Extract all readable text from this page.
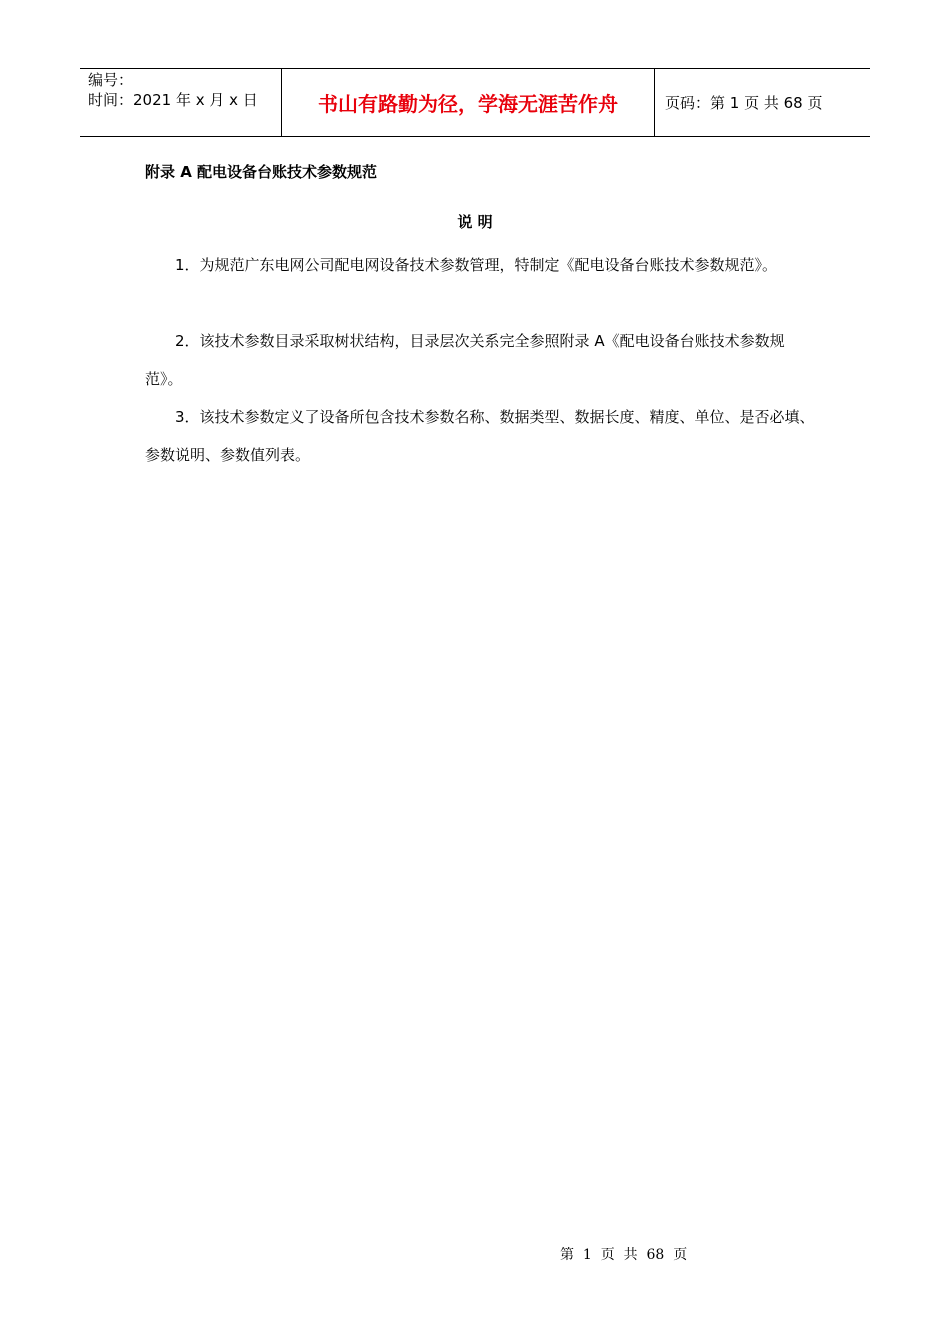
编号：
时间：2021 年 x 月 x 日	书山有路勤为径，学海无涯苦作舟	页码：第 1 页 共 68 页
附录 A 配电设备台账技术参数规范
说 明

1．为规范广东电网公司配电网设备技术参数管理，特制定《配电设备台账技术参数规范》。

2．该技术参数目录采取树状结构，目录层次关系完全参照附录 A《配电设备台账技术参数规范》。

3．该技术参数定义了设备所包含技术参数名称、数据类型、数据长度、精度、单位、是否必填、参数说明、参数值列表。

第  1  页  共  68  页
